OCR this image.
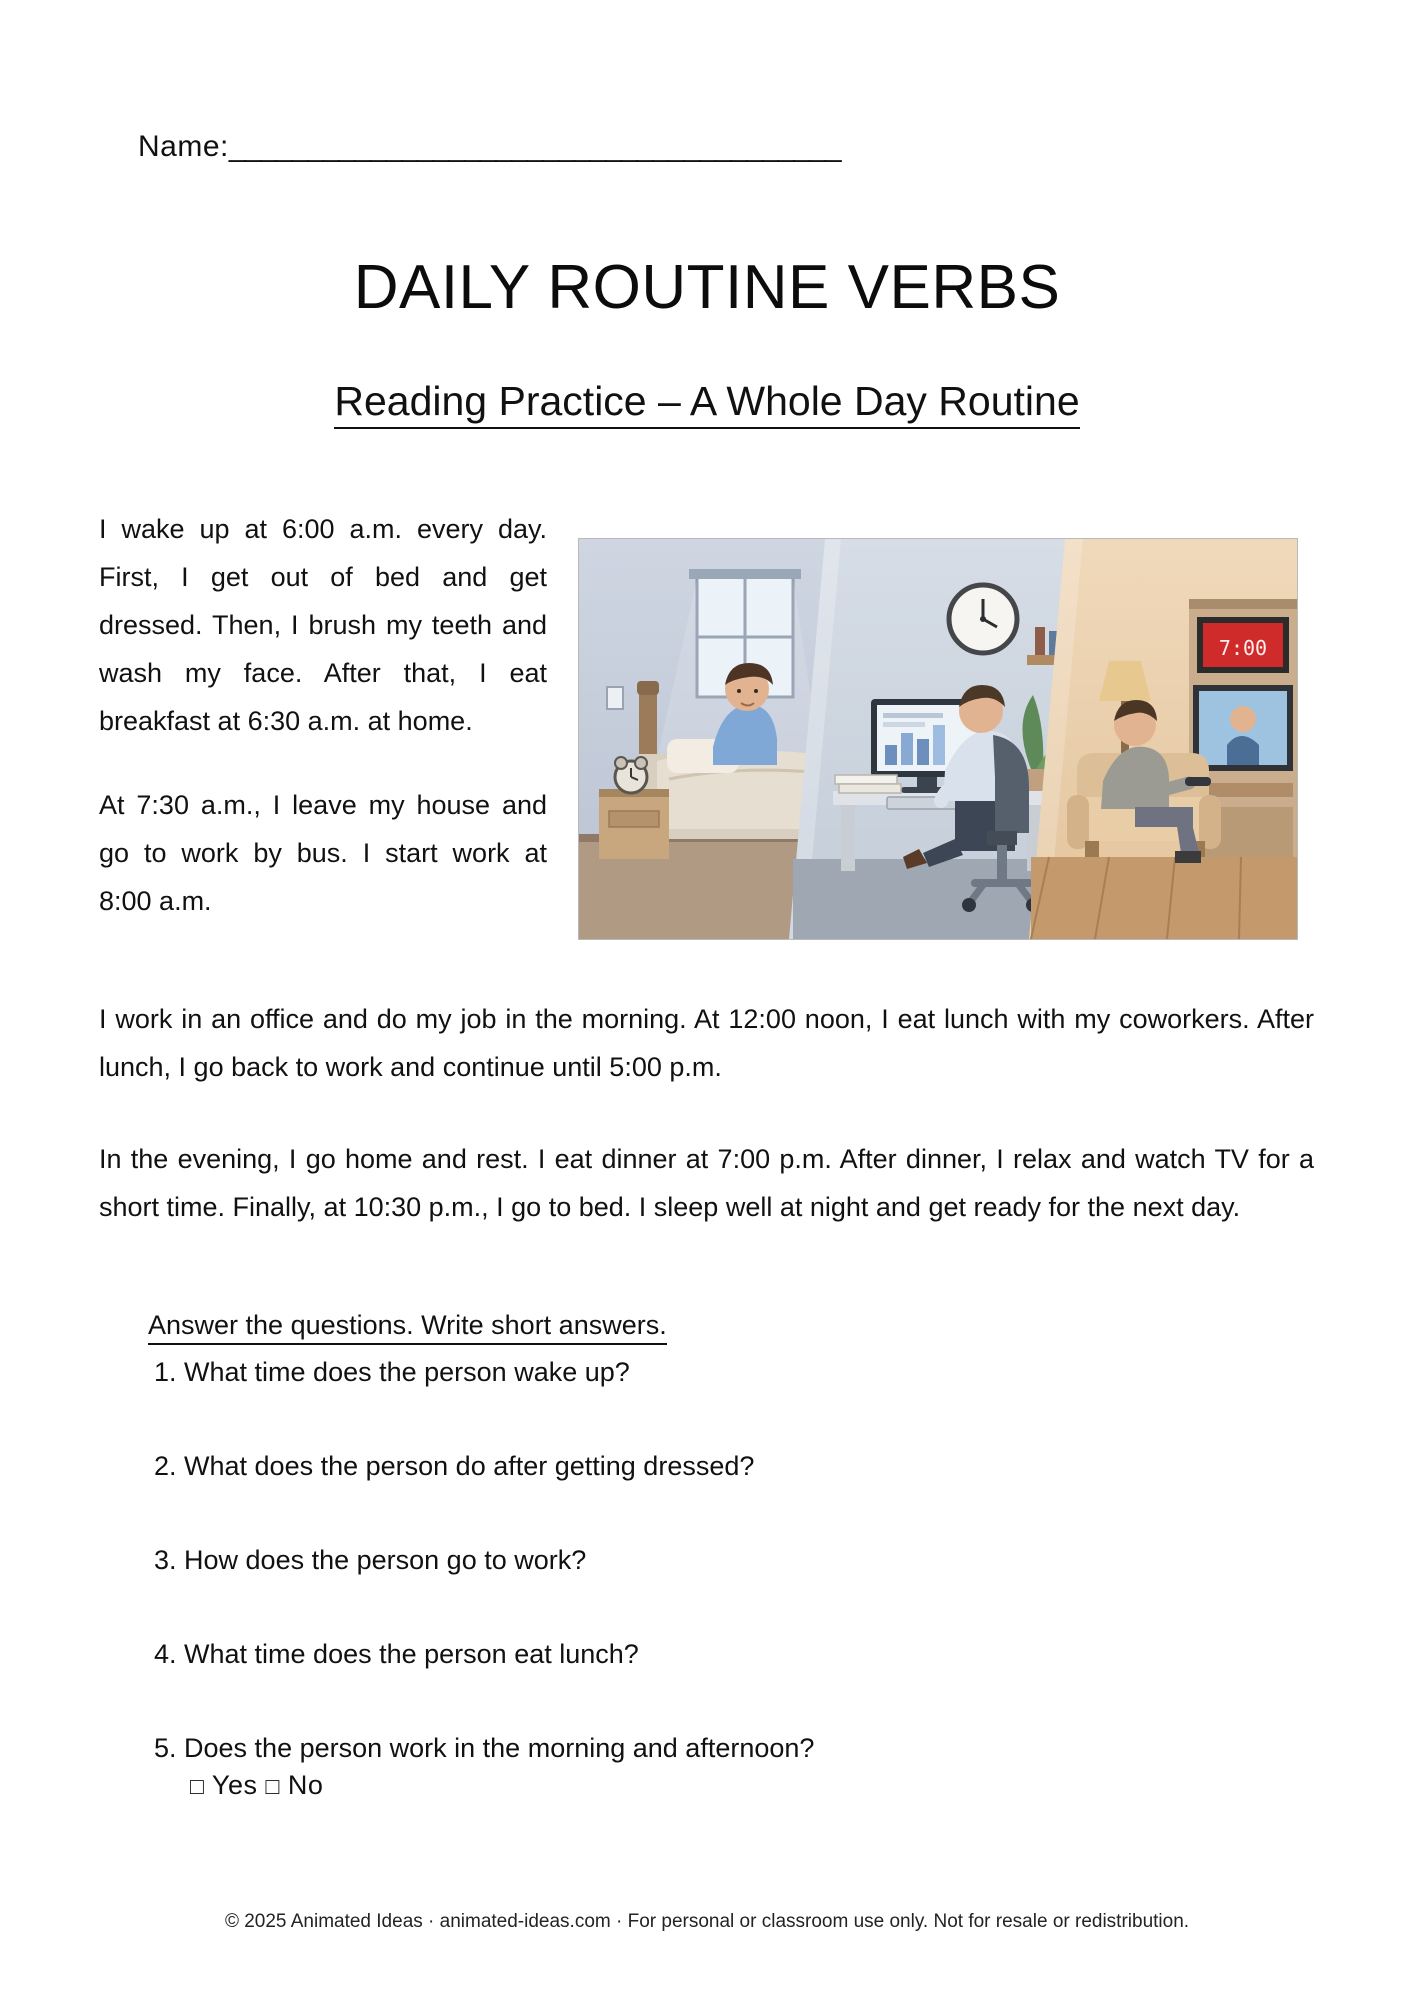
Name:_______________________________________
DAILY ROUTINE VERBS
Reading Practice – A Whole Day Routine

I wake up at 6:00 a.m. every day. First, I get out of bed and get dressed. Then, I brush my teeth and wash my face. After that, I eat breakfast at 6:30 a.m. at home.

At 7:30 a.m., I leave my house and go to work by bus. I start work at 8:00 a.m.

7:00

I work in an office and do my job in the morning. At 12:00 noon, I eat lunch with my coworkers. After lunch, I go back to work and continue until 5:00 p.m.

In the evening, I go home and rest. I eat dinner at 7:00 p.m. After dinner, I relax and watch TV for a short time. Finally, at 10:30 p.m., I go to bed. I sleep well at night and get ready for the next day.

Answer the questions. Write short answers.
1. What time does the person wake up?
2. What does the person do after getting dressed?
3. How does the person go to work?
4. What time does the person eat lunch?
5. Does the person work in the morning and afternoon?
□ Yes □ No
© 2025 Animated Ideas · animated-ideas.com · For personal or classroom use only. Not for resale or redistribution.
